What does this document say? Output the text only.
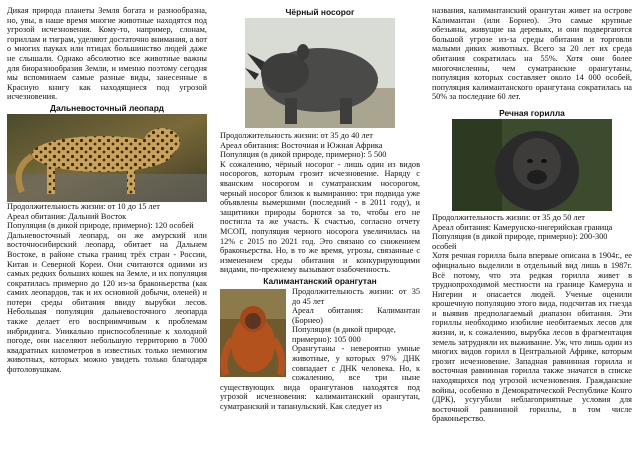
Дикая природа планеты Земля богата и разнообразна, но, увы, в наше время многие животные находятся под угрозой исчезновения. Кому-то, например, слонам, гориллам и тиграм, уделяют достаточно внимания, а вот о многих пауках или птицах большинство людей даже не слышали. Однако абсолютно все животные важны для биоразнообразия Земли, и именно поэтому сегодня мы вспоминаем самые разные виды, занесенные в Красную книгу как находящиеся под угрозой исчезновения.

Дальневосточный леопард

Продолжительность жизни: от 10 до 15 лет

Ареал обитания: Дальний Восток

Популяция (в дикой природе, примерно): 120 особей

Дальневосточный леопард, он же амурский или восточносибирский леопард, обитает на Дальнем Востоке, в районе стыка границ трёх стран - России, Китая и Северной Кореи. Они считаются одними из самых редких больших кошек на Земле, и их популяция сократилась примерно до 120 из-за браконьерства (как самих леопардов, так и их основной добычи, оленей) и потери среды обитания ввиду вырубки лесов. Небольшая популяция дальневосточного леопарда также делает его восприимчивым к проблемам инбридинга. Уникально приспособленные к холодной погоде, они населяют небольшую территорию в 7000 квадратных километров в известных только немногим животных, которых можно увидеть только благодаря фотоловушкам.

Чёрный носорог

Продолжительность жизни: от 35 до 40 лет

Ареал обитания: Восточная и Южная Африка

Популяция (в дикой природе, примерно): 5 500

К сожалению, чёрный носорог - лишь один из видов носорогов, которым грозит исчезновение. Наряду с яванским носорогом и суматранским носорогом, черный носорог близок к вымиранию: три подвида уже объявлены вымершими (последний - в 2011 году), и защитники природы борются за то, чтобы его не постигла та же участь. К счастью, согласно отчету МСОП, популяция черного носорога увеличилась на 12% с 2015 по 2021 год. Это связано со снижением браконьерства. Но, в то же время, угрозы, связанные с изменением среды обитания и конкурирующими видами, по-прежнему вызывают озабоченность.

Калимантанский орангутан

Продолжительность жизни: от 35 до 45 лет

Ареал обитания: Калимантан (Борнео)

Популяция (в дикой природе, примерно): 105 000

Орангутаны - невероятно умные животные, у которых 97% ДНК совпадает с ДНК человека. Но, к сожалению, все три ныне существующих вида орангутанов находятся под угрозой исчезновения: калимантанский орангутан, суматранский и тапанульский. Как следует из

названия, калимантанский орангутан живет на острове Калимантан (или Борнео). Это самые крупные обезьяны, живущие на деревьях, и они подвергаются большой угрозе из-за среды обитания и торговли малыми диких животных. Всего за 20 лет их среда обитания сократилась на 55%. Хотя они более многочисленны, чем суматранские орангутаны, популяция которых составляет около 14 000 особей, популяция калимантанского орангутана сократилась на 50% за последние 60 лет.

Речная горилла

Продолжительность жизни: от 35 до 50 лет

Ареал обитания: Камерунско-нигерийская граница

Популяция (в дикой природе, примерно): 200-300 особей

Хотя речная горилла была впервые описана в 1904г., ее официально выделили в отдельный вид лишь в 1987г. Всё потому, что эта редкая горилла живет в труднопроходимой местности на границе Камеруна и Нигерии и опасается людей. Ученые оценили крошечную популяцию этого вида, подсчитав их гнезда и выявив предполагаемый диапазон обитания. Эти гориллы необходимо изобилие необитаемых лесов для жизни, и, к сожалению, вырубка лесов в фрагментация земель затрудняли их выживание. Уж, что лишь один из многих видов горилл в Центральной Африке, которым грозит исчезновение. Западная равнинная горилла и восточная равнинная горилла также значатся в списке находящихся под угрозой исчезновения. Гражданские войны, особенно в Демократической Республике Конго (ДРК), усугубили неблагоприятные условия для восточной равнинной гориллы, в том числе браконьерство.
